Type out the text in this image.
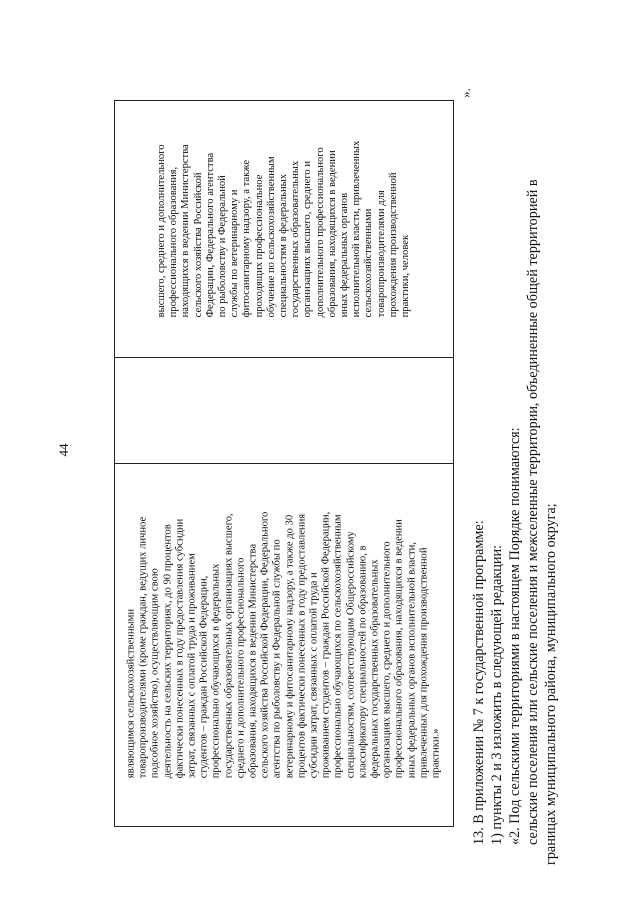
44
высшего, среднего и дополнительного профессионального образования, находящихся в ведении Министерства сельского хозяйства Российской Федерации, Федерального агентства по рыболовству и Федеральной службы по ветеринарному и фитосанитарному надзору, а также проходящих профессиональное обучение по сельскохозяйственным специальностям в федеральных государственных образовательных организациях высшего, среднего и дополнительного профессионального образования, находящихся в ведении иных федеральных органов исполнительной власти, привлеченных сельскохозяйственными товаропроизводителями для прохождения производственной практики, человек
являющимся сельскохозяйственными товаропроизводителями (кроме граждан, ведущих личное подсобное хозяйство), осуществляющим свою деятельность на сельских территориях, до 90 процентов фактически понесенных в году предоставления субсидии затрат, связанных с оплатой труда и проживанием студентов – граждан Российской Федерации, профессионально обучающихся в федеральных государственных образовательных организациях высшего, среднего и дополнительного профессионального образования, находящихся в ведении Министерства сельского хозяйства Российской Федерации, Федерального агентства по рыболовству и Федеральной службы по ветеринарному и фитосанитарному надзору, а также до 30 процентов фактически понесенных в году предоставления субсидии затрат, связанных с оплатой труда и проживанием студентов – граждан Российской Федерации, профессионально обучающихся по сельскохозяйственным специальностям, соответствующим Общероссийскому классификатору специальностей по образованию, в федеральных государственных образовательных организациях высшего, среднего и дополнительного профессионального образования, находящихся в ведении иных федеральных органов исполнительной власти, привлеченных для прохождения производственной практики.»
».

13. В приложении № 7 к государственной программе: 1) пункты 2 и 3 изложить в следующей редакции: «2. Под сельскими территориями в настоящем Порядке понимаются: сельские поселения или сельские поселения и межселенные территории, объединенные общей территорией в границах муниципального района, муниципального округа;
